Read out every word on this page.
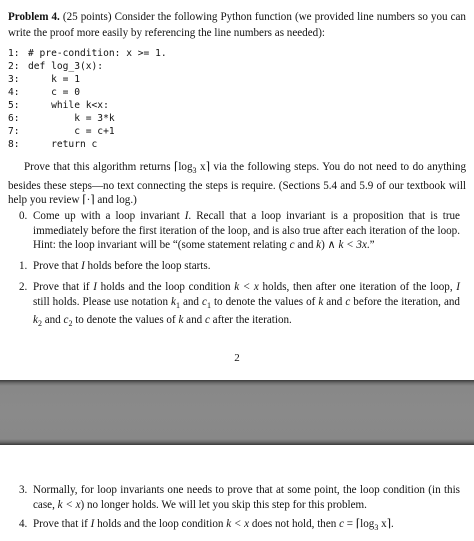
Problem 4. (25 points) Consider the following Python function (we provided line numbers so you can write the proof more easily by referencing the line numbers as needed):

1: # pre-condition: x >= 1.

2: def log_3(x):

3:    k = 1

4:    c = 0

5:    while k<x:

6:        k = 3*k

7:        c = c+1

8:    return c

Prove that this algorithm returns $⌈\log_3$ x⌉ via the following steps. You do not need to do anything besides these steps—no text connecting the steps is require. (Sections 5.4 and 5.9 of our textbook will help you review ⌈·⌉ and log.)
0. Come up with a loop invariant I. Recall that a loop invariant is a proposition that is true immediately before the first iteration of the loop, and is also true after each iteration of the loop. Hint: the loop invariant will be “(some statement relating c and k) ∧ k < 3x.”
1. Prove that I holds before the loop starts.
2. Prove that if I holds and the loop condition k < x holds, then after one iteration of the loop, I still holds. Please use notation $k_1$ and $c_1$ to denote the values of k and c before the iteration, and $k_2$ and $c_2$ to denote the values of k and c after the iteration.
2
3. Normally, for loop invariants one needs to prove that at some point, the loop condition (in this case, k < x) no longer holds. We will let you skip this step for this problem.
4. Prove that if I holds and the loop condition k < x does not hold, then $c = ⌈\log_3$ x⌉.
